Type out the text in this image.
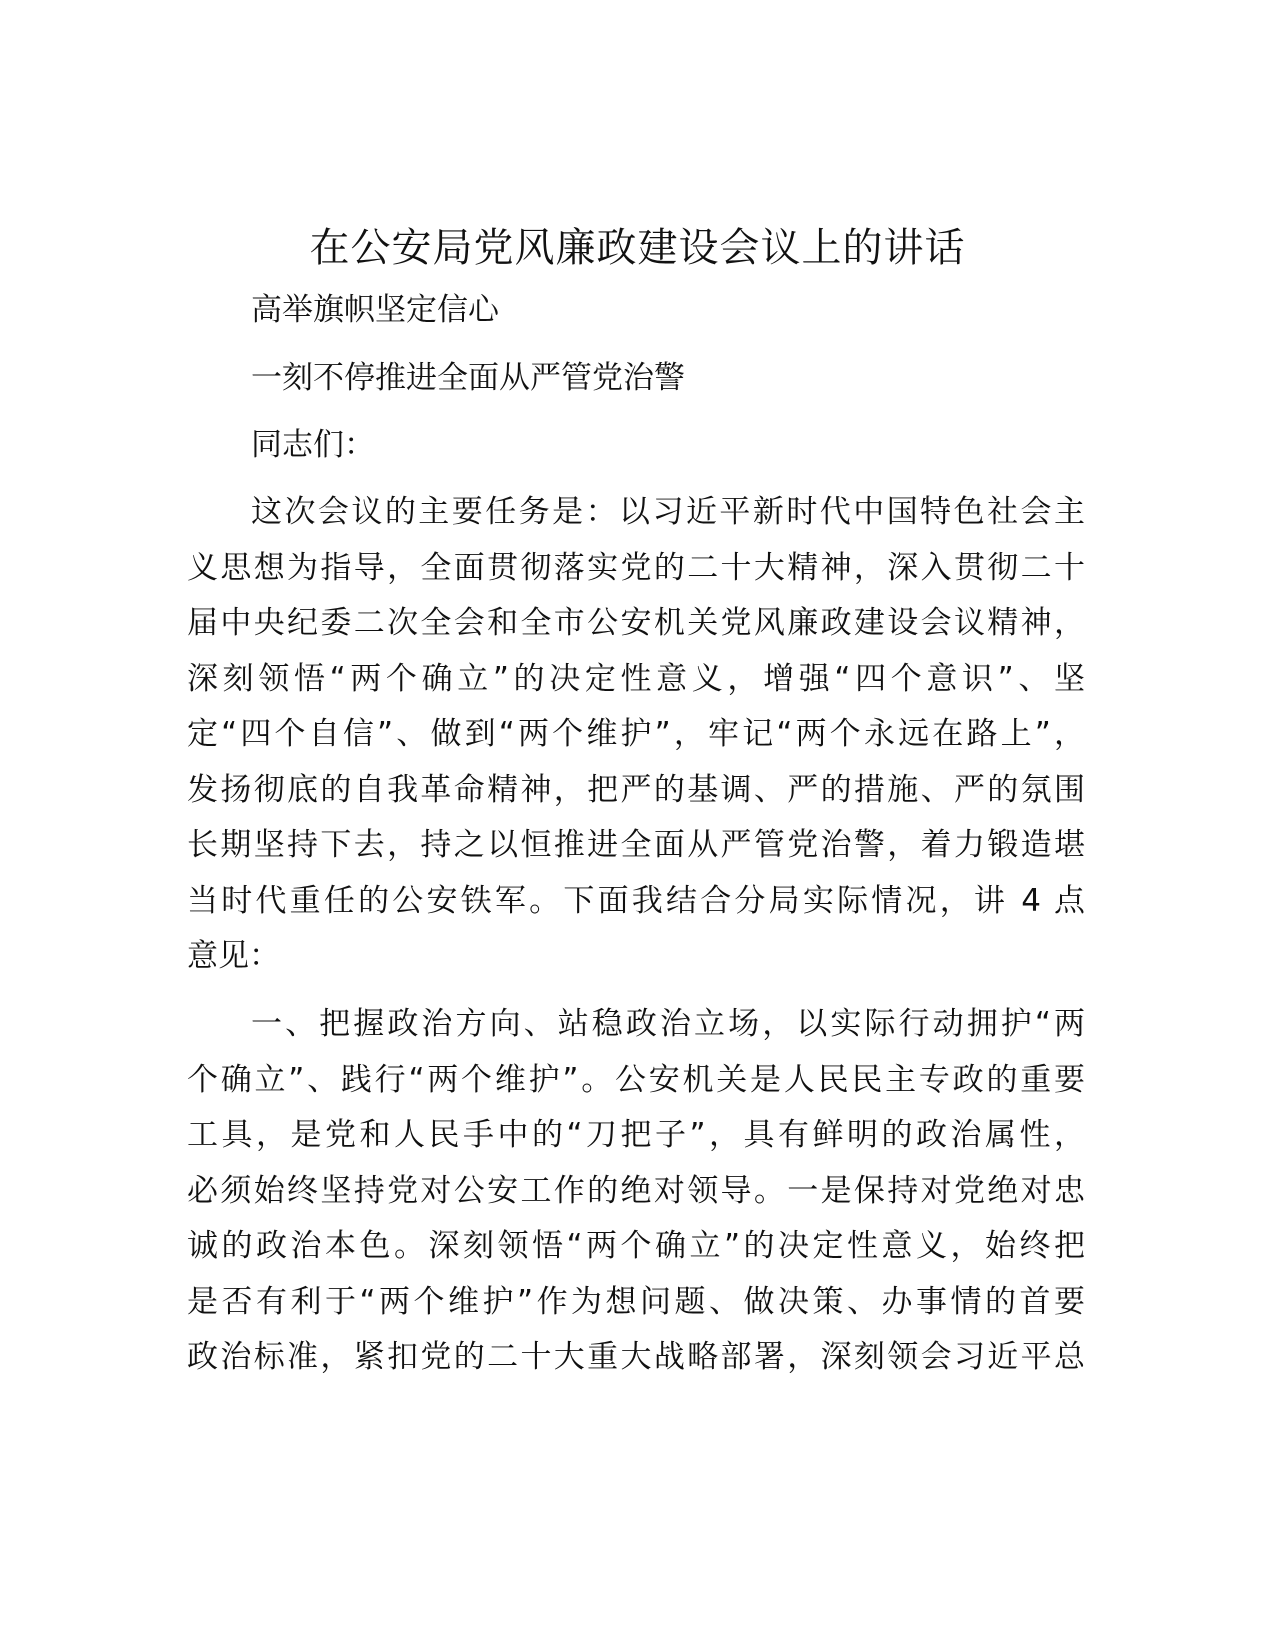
在公安局党风廉政建设会议上的讲话
高举旗帜坚定信心
一刻不停推进全面从严管党治警
同志们：
这次会议的主要任务是：以习近平新时代中国特色社会主
义思想为指导，全面贯彻落实党的二十大精神，深入贯彻二十
届中央纪委二次全会和全市公安机关党风廉政建设会议精神，
深刻领悟“两个确立”的决定性意义，增强“四个意识”、坚
定“四个自信”、做到“两个维护”，牢记“两个永远在路上”，
发扬彻底的自我革命精神，把严的基调、严的措施、严的氛围
长期坚持下去，持之以恒推进全面从严管党治警，着力锻造堪
当时代重任的公安铁军。下面我结合分局实际情况，讲 4 点
意见：
一、把握政治方向、站稳政治立场，以实际行动拥护“两
个确立”、践行“两个维护”。公安机关是人民民主专政的重要
工具，是党和人民手中的“刀把子”，具有鲜明的政治属性，
必须始终坚持党对公安工作的绝对领导。一是保持对党绝对忠
诚的政治本色。深刻领悟“两个确立”的决定性意义，始终把
是否有利于“两个维护”作为想问题、做决策、办事情的首要
政治标准，紧扣党的二十大重大战略部署，深刻领会习近平总
